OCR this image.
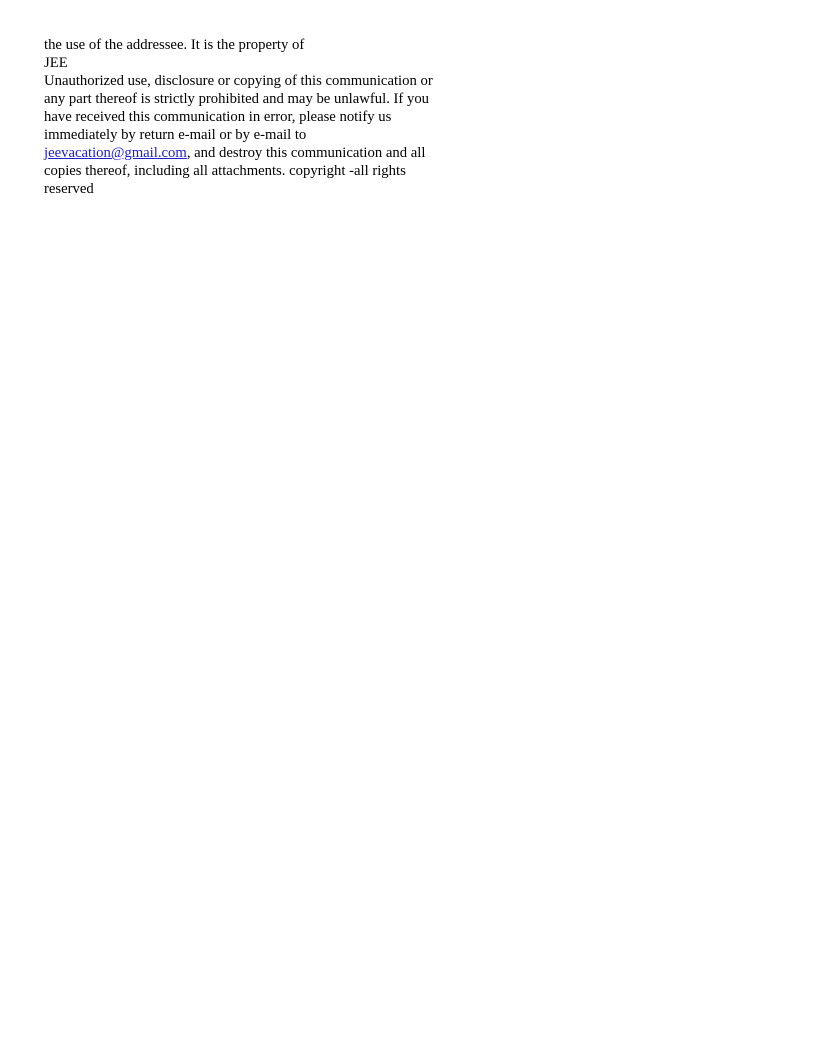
the use of the addressee. It is the property of

JEE

Unauthorized use, disclosure or copying of this communication or any part thereof is strictly prohibited and may be unlawful. If you have received this communication in error, please notify us immediately by return e-mail or by e-mail to jeevacation@gmail.com, and destroy this communication and all copies thereof, including all attachments. copyright -all rights reserved
